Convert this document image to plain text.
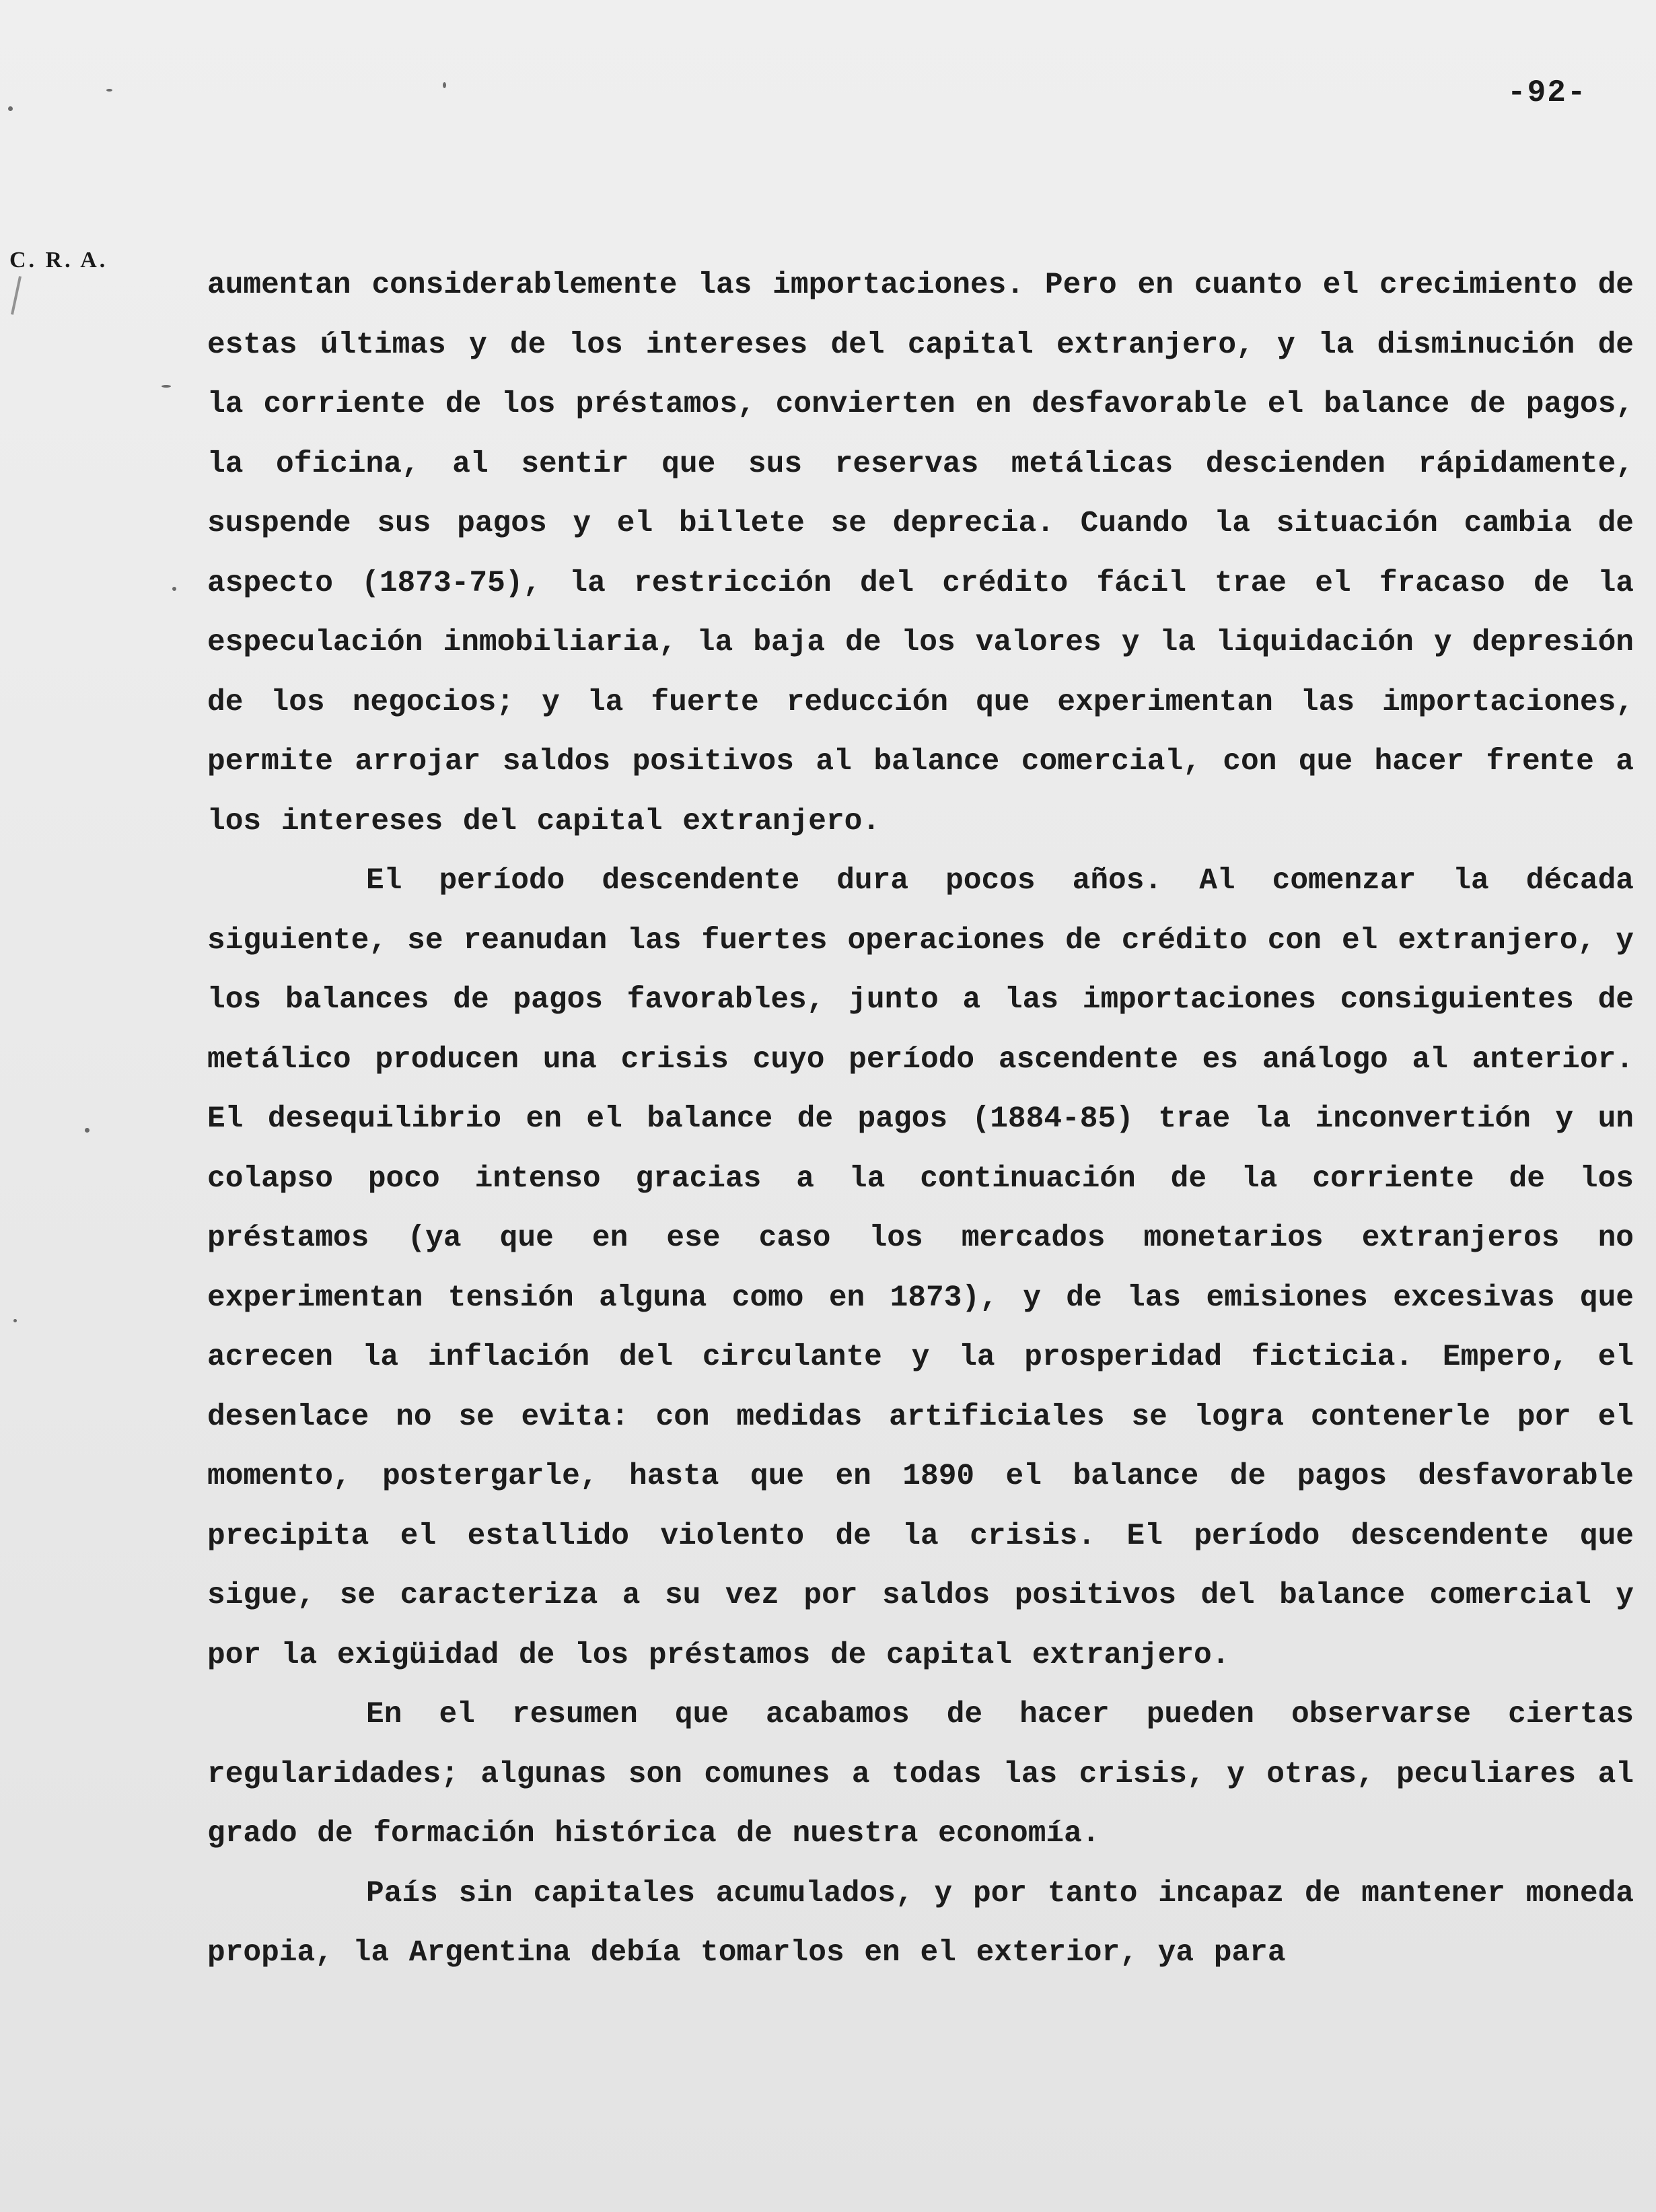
-92-
C. R. A.

aumentan considerablemente las importaciones. Pero en cuanto el crecimiento de estas últimas y de los intereses del capital extranjero, y la disminución de la corriente de los préstamos, convierten en desfavorable el balance de pagos, la oficina, al sentir que sus reservas metálicas descienden rápidamente, suspende sus pagos y el billete se deprecia. Cuando la situación cambia de aspecto (1873-75), la restricción del crédito fácil trae el fracaso de la especulación inmobiliaria, la baja de los valores y la liquidación y depresión de los negocios; y la fuerte reducción que experimentan las importaciones, permite arrojar saldos positivos al balance comercial, con que hacer frente a los intereses del capital extranjero.

El período descendente dura pocos años. Al comenzar la década siguiente, se reanudan las fuertes operaciones de crédito con el extranjero, y los balances de pagos favorables, junto a las importaciones consiguientes de metálico producen una crisis cuyo período ascendente es análogo al anterior. El desequilibrio en el balance de pagos (1884-85) trae la inconvertión y un colapso poco intenso gracias a la continuación de la corriente de los préstamos (ya que en ese caso los mercados monetarios extranjeros no experimentan tensión alguna como en 1873), y de las emisiones excesivas que acrecen la inflación del circulante y la prosperidad ficticia. Empero, el desenlace no se evita: con medidas artificiales se logra contenerle por el momento, postergarle, hasta que en 1890 el balance de pagos desfavorable precipita el estallido violento de la crisis. El período descendente que sigue, se caracteriza a su vez por saldos positivos del balance comercial y por la exigüidad de los préstamos de capital extranjero.

En el resumen que acabamos de hacer pueden observarse ciertas regularidades; algunas son comunes a todas las crisis, y otras, peculiares al grado de formación histórica de nuestra economía.

País sin capitales acumulados, y por tanto incapaz de mantener moneda propia, la Argentina debía tomarlos en el exterior, ya para
